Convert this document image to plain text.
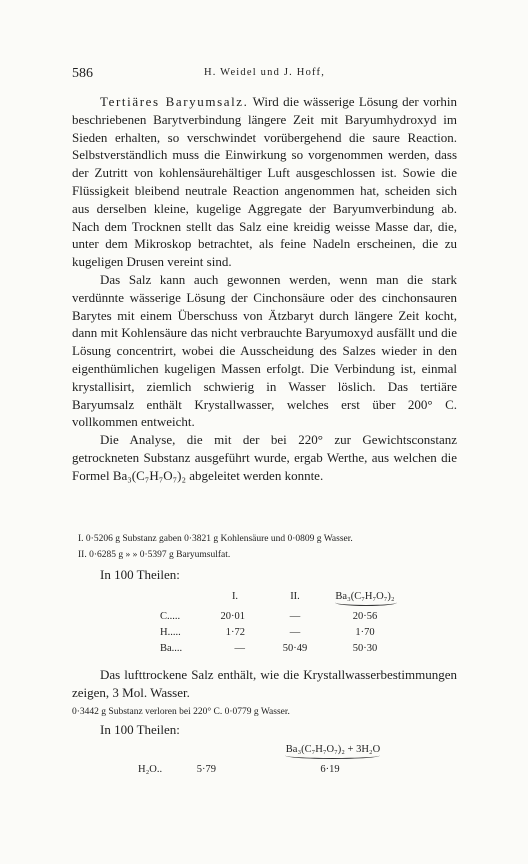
586	H. Weidel und J. Hoff,

Tertiäres Baryumsalz. Wird die wässerige Lösung der vorhin beschriebenen Barytverbindung längere Zeit mit Baryumhydroxyd im Sieden erhalten, so verschwindet vorübergehend die saure Reaction. Selbstverständlich muss die Einwirkung so vorgenommen werden, dass der Zutritt von kohlensäurehältiger Luft ausgeschlossen ist. Sowie die Flüssigkeit bleibend neutrale Reaction angenommen hat, scheiden sich aus derselben kleine, kugelige Aggregate der Baryumverbindung ab. Nach dem Trocknen stellt das Salz eine kreidig weisse Masse dar, die, unter dem Mikroskop betrachtet, als feine Nadeln erscheinen, die zu kugeligen Drusen vereint sind.

Das Salz kann auch gewonnen werden, wenn man die stark verdünnte wässerige Lösung der Cinchonsäure oder des cinchonsauren Barytes mit einem Überschuss von Ätzbaryt durch längere Zeit kocht, dann mit Kohlensäure das nicht verbrauchte Baryumoxyd ausfällt und die Lösung concentrirt, wobei die Ausscheidung des Salzes wieder in den eigenthümlichen kugeligen Massen erfolgt. Die Verbindung ist, einmal krystallisirt, ziemlich schwierig in Wasser löslich. Das tertiäre Baryumsalz enthält Krystallwasser, welches erst über 200° C. vollkommen entweicht.

Die Analyse, die mit der bei 220° zur Gewichtsconstanz getrockneten Substanz ausgeführt wurde, ergab Werthe, aus welchen die Formel Ba₃(C₇H₇O₇)₂ abgeleitet werden konnte.

I. 0·5206 g Substanz gaben 0·3821 g Kohlensäure und 0·0809 g Wasser.
II. 0·6285 g » » 0·5397 g Baryumsulfat.
In 100 Theilen:
I.	II.	Ba₃(C₇H₇O₇)₂
C.....	20·01	—	20·56
H.....	1·72	—	1·70
Ba....	—	50·49	50·30

Das lufttrockene Salz enthält, wie die Krystallwasserbestimmungen zeigen, 3 Mol. Wasser.

0·3442 g Substanz verloren bei 220° C. 0·0779 g Wasser.
In 100 Theilen:
Ba₃(C₇H₇O₇)₂ + 3H₂O
H₂O..	5·79	6·19
